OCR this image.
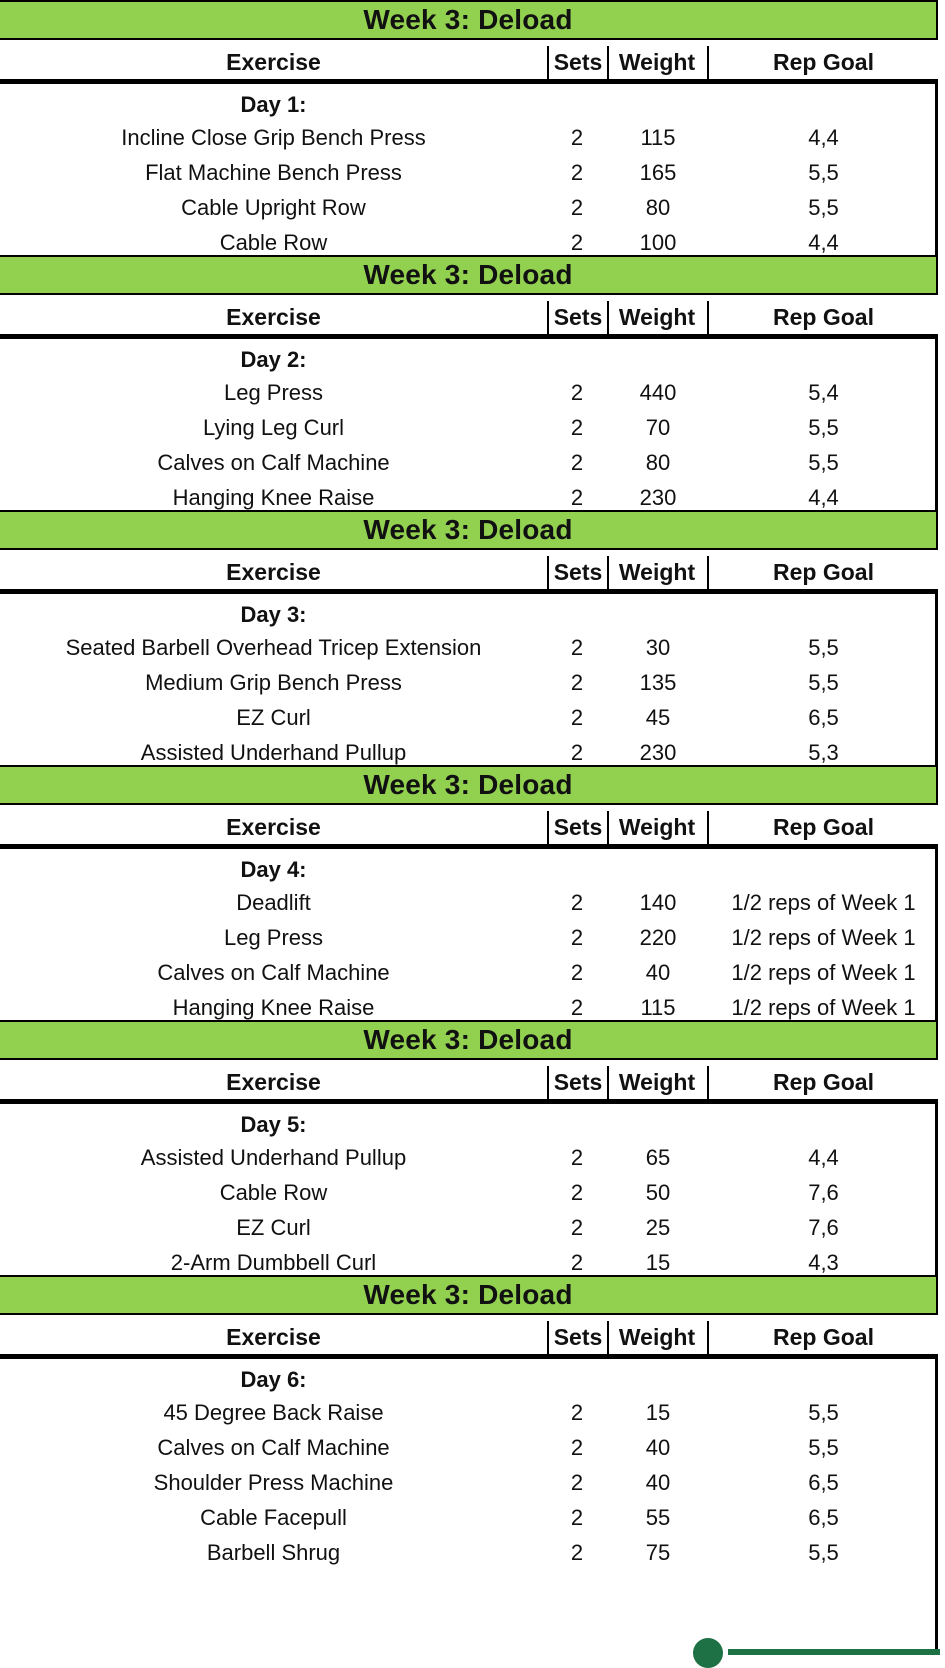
Week 3: Deload
Exercise	Sets Weight	Rep Goal
Day 1:
Incline Close Grip Bench Press	2	115	4,4
Flat Machine Bench Press	2	165	5,5
Cable Upright Row	2	80	5,5
Cable Row	2	100	4,4
Week 3: Deload
Exercise	Sets Weight	Rep Goal
Day 2:
Leg Press	2	440	5,4
Lying Leg Curl	2	70	5,5
Calves on Calf Machine	2	80	5,5
Hanging Knee Raise	2	230	4,4
Week 3: Deload
Exercise	Sets Weight	Rep Goal
Day 3:
Seated Barbell Overhead Tricep Extension	2	30	5,5
Medium Grip Bench Press	2	135	5,5
EZ Curl	2	45	6,5
Assisted Underhand Pullup	2	230	5,3
Week 3: Deload
Exercise	Sets Weight	Rep Goal
Day 4:
Deadlift	2	140	1/2 reps of Week 1
Leg Press	2	220	1/2 reps of Week 1
Calves on Calf Machine	2	40	1/2 reps of Week 1
Hanging Knee Raise	2	115	1/2 reps of Week 1
Week 3: Deload
Exercise	Sets Weight	Rep Goal
Day 5:
Assisted Underhand Pullup	2	65	4,4
Cable Row	2	50	7,6
EZ Curl	2	25	7,6
2-Arm Dumbbell Curl	2	15	4,3
Week 3: Deload
Exercise	Sets Weight	Rep Goal
Day 6:
45 Degree Back Raise	2	15	5,5
Calves on Calf Machine	2	40	5,5
Shoulder Press Machine	2	40	6,5
Cable Facepull	2	55	6,5
Barbell Shrug	2	75	5,5
